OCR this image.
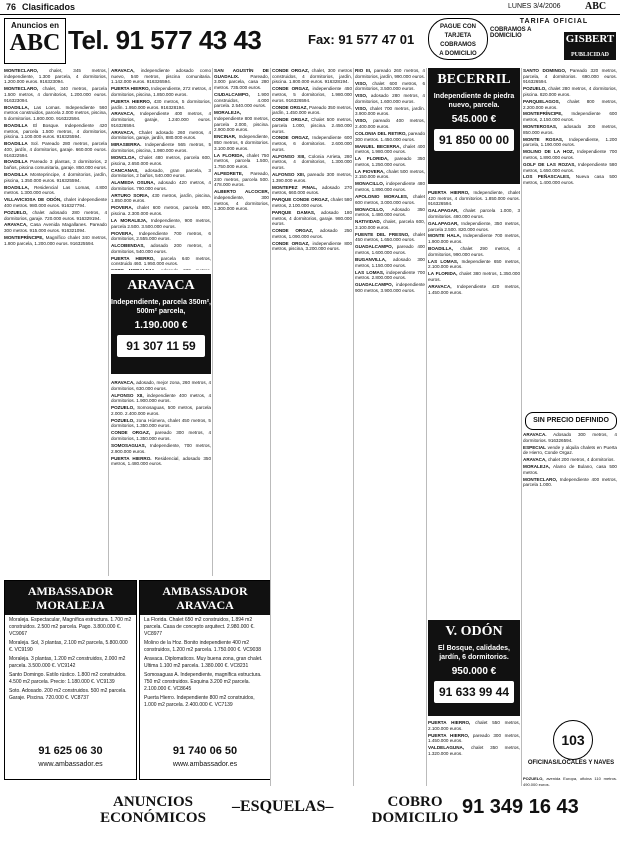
76 Clasificados	LUNES 3/4/2006 ABC
Anuncios en
ABC Tel. 91 577 43 43	Fax: 91 577 47 01
PAGUE CON
TARJETA
COBRAMOS
A DOMICILIO
TARIFA OFICIAL
COBRAMOS A DOMICILIO	GISBERT
PUBLICIDAD

MONTECLARO, chalet, 345 metros, independiente, 1.300 parcela, 4 dormitorios, 1.200.000 euros. 916323094.

MONTECLARO, chalet, 340 metros, parcela 1.500 metros, 4 dormitorios, 1.200.000 euros. 916323094.

BOADILLA, Las Lomas. Independiente 560 metros construidos, parcela 2.000 metros, piscina, 5 dormitorios. 1.800.000. 916322594.

BOADILLA El Bosque. Independiente 420 metros, parcela 1.500 metros, 4 dormitorios, piscina. 1.100.000 euros. 916325594.

BOADILLA Sol. Pareado 280 metros, parcela 400, jardín, 4 dormitorios, garaje. 660.000 euros. 916322594.

BOADILLA Pareado 3 plantas, 3 dormitorios, 2 baños, piscina comunitaria, garaje. 850.000 euros.

BOADILLA Monteprincipe, 4 dormitorios, jardín, piscina, 1.350.000 euros. 916325594.

BOADILLA, Residencial Las Lomas, 4.800 metros. 1.300.000 euros.

VILLAVICIOSA DE ODÓN, chalet independiente 400 metros. 980.000 euros. 916327794.

POZUELO, chalet adosado 280 metros, 4 dormitorios, garaje. 720.000 euros. 916329194.

ARAVACA, Casa Avenida Magallanes. Pareado 300 metros. 915.000 euros. 916321094.

MONTEPRÍNCIPE, Magnífico chalet 340 metros, 1.800 parcela, 1.200.000 euros. 916325594.

ARAVACA, independiente adosado como nuevo, 540 metros, piscina comunitaria. 1.142.000 euros. 916326594.

PUERTA HIERRO, Independiente, 272 metros, 4 dormitorios, piscina, 1.850.000 euros.

PUERTA HIERRO, 430 metros, 5 dormitorios, jardín. 1.950.000 euros. 916328194.

ARAVACA, Independiente 400 metros, 4 dormitorios, garaje, 1.240.000 euros. 916326594.

ARAVACA, Chalet adosado 260 metros, 4 dormitorios, garaje, jardín, 880.000 euros.

MIRASIERRA. Independiente 565 metros, 5 dormitorios, piscina, 1.980.000 euros.

MONCLOA, Chalet 480 metros, parcela 600, piscina, 2.650.000 euros.

CANCANAS, adosado, gran parcela, 3 dormitorios, 2 baños, 540.000 euros.

ALAMEDA OSUNA, adosado 420 metros, 4 dormitorios. 790.000 euros.

ARTURO SORIA, 430 metros, jardín, piscina, 1.850.000 euros.

PIOVERA, chalet 600 metros, parcela 800, piscina. 2.300.000 euros.

LA MORALEJA, Independiente, 900 metros, parcela 2.500. 3.500.000 euros.

PIOVERA, Independiente 700 metros, 6 dormitorios, 2.555.000 euros.

ALCOBENDAS, adosado 200 metros, 4 dormitorios, 540.000 euros.

PUERTA HIERRO, parcela 640 metros, construido 460. 1.950.000 euros.

ARAVACA, adosado, mejor zona, 260 metros, 4 dormitorios, 630.000 euros.

ALFONSO XII, independiente 400 metros, 4 dormitorios. 1.900.000 euros.

POZUELO, Somosaguas, 500 metros, parcela 2.000. 2.400.000 euros.

POZUELO, zona Húmera, chalet 450 metros, 5 dormitorios, 1.350.000 euros.

CONDE ORGAZ, pareado 300 metros, 4 dormitorios, 1.350.000 euros.

SOMOSAGUAS, Independiente, 700 metros, 2.900.000 euros.

PUERTA HIERRO. Residencial, adosado 350 metros, 1.480.000 euros.

SAN AGUSTÍN DE GUADALIX. Pareado, 3.000 parcela, casa 280 metros. 735.000 euros.

CIUDALCAMPO, 1.900 construidos, 4.000 parcela. 2.540.000 euros.

MORALEJA, Independiente 800 metros, parcela 2.000, piscina. 2.900.000 euros.

ENCINAR, Independiente, 850 metros, 6 dormitorios. 3.100.000 euros.

LA FLORIDA, chalet 750 metros, parcela 1.500, 1.750.000 euros.

ALPEDRETE, Pareado, 240 metros, parcela 500. 478.000 euros.

ALBERTO ALCOCER, independiente, 300 metros, 4 dormitorios, 1.300.000 euros.

ARAVACA
Independiente, parcela 350m², 500m² parcela,
1.190.000 €
91 307 11 59

CONDE ORGAZ, chalet, 300 metros construidos, 4 dormitorios, jardín, piscina. 1.800.000 euros. 916328194.

CONDE ORGAZ, independiente 450 metros, 5 dormitorios, 1.980.000 euros. 916326594.

CONDE ORGAZ, Pareado 350 metros, jardín, 1.450.000 euros.

CONDE ORGAZ, Chalet 500 metros, parcela 1.000, piscina. 2.450.000 euros.

CONDE ORGAZ, Independiente 600 metros, 6 dormitorios. 2.600.000 euros.

ALFONSO XIII, Colonia Arrieta, 280 metros, 4 dormitorios, 1.300.000 euros.

ALFONSO XIII, pareado 300 metros, 1.390.000 euros.

MONTEPEZ PINAL, adosado 270 metros, 660.000 euros.

PARQUE CONDE ORGAZ, chalet 580 metros, 2.100.000 euros.

PARQUE DAMAS, adosado 180 metros, 4 dormitorios, garaje. 980.000 euros.

CONDE ORGAZ, adosado 250 metros, 1.090.000 euros.

CONDE ORGAZ, independiente 800 metros, piscina, 3.200.000 euros.

RIO III, pareado 260 metros, 4 dormitorios, jardín, 990.000 euros.

VISO, chalet 600 metros, 6 dormitorios, 3.500.000 euros.

VISO, adosado 280 metros, 4 dormitorios, 1.600.000 euros.

VISO, chalet 700 metros, jardín. 3.900.000 euros.

VISO, pareado 400 metros, 2.400.000 euros.

COLONIA DEL RETIRO, pareado 300 metros. 1.450.000 euros.

MANUEL BECERRA, chalet 400 metros, 1.980.000 euros.

LA FLORIDA, pareado 350 metros, 1.250.000 euros.

LA PIOVERA, chalet 500 metros, 2.150.000 euros.

MONACILLO, independiente 480 metros, 1.890.000 euros.

APOLONIO MORALES, chalet 600 metros, 3.000.000 euros.

MONACILLO, Adosado 350 metros, 1.480.000 euros.

NATIVIDAD, chalet, parcela 600, 3.100.000 euros.

FUENTE DEL FRESNO, chalet 450 metros, 1.650.000 euros.

GUADALCAMPO, pareado 400 metros, 1.600.000 euros.

BUGANVILLA, adosado 300 metros, 1.150.000 euros.

LAS LOMAS, independiente 700 metros. 2.800.000 euros.

GUADALCAMPO, independiente 900 metros, 3.900.000 euros.

BECERRIL
Independiente de piedra nuevo, parcela.
545.000 €
91 850 00 00

PUERTA HIERRO, Independiente, chalet 420 metros, 4 dormitorios. 1.850.000 euros. 916326594.

GALAPAGAR, chalet parcela 1.000, 3 dormitorios. 480.000 euros.

GALAPAGAR, Independiente, 350 metros, parcela 2.500. 820.000 euros.

MONTE HALA, Independiente 700 metros, 1.900.000 euros.

BOADILLA, chalet 290 metros, 4 dormitorios, 990.000 euros.

LAS LOMAS, Independiente 650 metros, 2.100.000 euros.

LA FLORIDA, chalet 380 metros, 1.350.000 euros.

ARAVACA, Independiente 420 metros, 1.450.000 euros.

V. ODÓN
El Bosque, calidades, jardín, 6 dormitorios.
950.000 €
91 633 99 44

PUERTA HIERRO, chalet 550 metros, 2.100.000 euros.

PUERTA HIERRO, pareado 300 metros, 1.450.000 euros.

VALDELAGUNA, chalet 350 metros, 1.320.000 euros.

SANTO DOMINGO, Pareado 320 metros, parcela, 4 dormitorios. 690.000 euros. 916326594.

POZUELO, chalet 280 metros, 4 dormitorios, piscina. 820.000 euros.

PARQUELAGOS, chalet 800 metros, 2.200.000 euros.

MONTEPRÍNCIPE, Independiente 600 metros, 2.150.000 euros.

MONTEROSAS, adosado 300 metros, 850.000 euros.

MONTE ROSAS, Independiente, 1.200 parcela, 1.190.000 euros.

MOLINO DE LA HOZ, Independiente 700 metros, 1.890.000 euros.

GOLF DE LAS ROZAS, Independiente 580 metros, 1.650.000 euros.

LOS PEÑASCALES, Nueva casa 500 metros, 1.400.000 euros.

SIN PRECIO DEFINIDO

ARAVACA. Adosado 300 metros, 4 dormitorios. 916326594.

ESPECIAL vende y alquila chalets en Puerta de Hierro, Conde Orgaz.

ARAVACA, chalet 200 metros, 4 dormitorios.

MORALEJA, Alamo de Bulano, casa 500 metros.

MONTECLARO, Independiente 400 metros, parcela 1.000.

103
OFICINAS/LOCALES Y NAVES

POZUELO, avenida Europa, oficina 110 metros. 490.000 euros.

AMBASSADOR
MORALEJA

Moraleja. Espectacular, Magnífica estructura. 1.700 m2 construidos. 2.500 m2 parcela. Pago. 3.800.000 €. VC9067

Moraleja. Sol, 3 plantas, 2.100 m2 parcela, 5.800.000 €. VC9190

Moraleja. 3 plantas, 1.200 m2 construidos, 2.000 m2 parcela. 3.500.000 €. VC9142

Santo Domingo. Estilo rústico. 1.800 m2 construidos. 4.500 m2 parcela. Precio: 1.180.000 €. VC9139

Soto. Adosado. 200 m2 construidos. 500 m2 parcela. Garaje. Piscina. 720.000 €. VC8737

91 625 06 30
www.ambassador.es
AMBASSADOR
ARAVACA

La Florida. Chalet 650 m2 construidos, 1.894 m2 parcela. Casa de concepto arquitect. 2.980.000 €. VC8977

Molino de la Hoz. Bonito independiente 400 m2 construidos, 1.200 m2 parcela. 1.750.000 €. VC9038

Aravaca. Diplomaticos. Muy buena zona, gran chalet. Ultima 1.100 m2 parcela. 1.380.000 €. VC8231

Somosaguas A. Independiente, magnífica estructura. 750 m2 construidos. Esquina 3.200 m2 parcela. 2.100.000 €. VC8645

Puerta Hierro. Independiente 800 m2 construidos, 1.000 m2 parcela. 2.400.000 €. VC7139

91 740 06 50
www.ambassador.es
ANUNCIOS
ECONÓMICOS
–ESQUELAS–	COBRO
DOMICILIO 91 349 16 43
